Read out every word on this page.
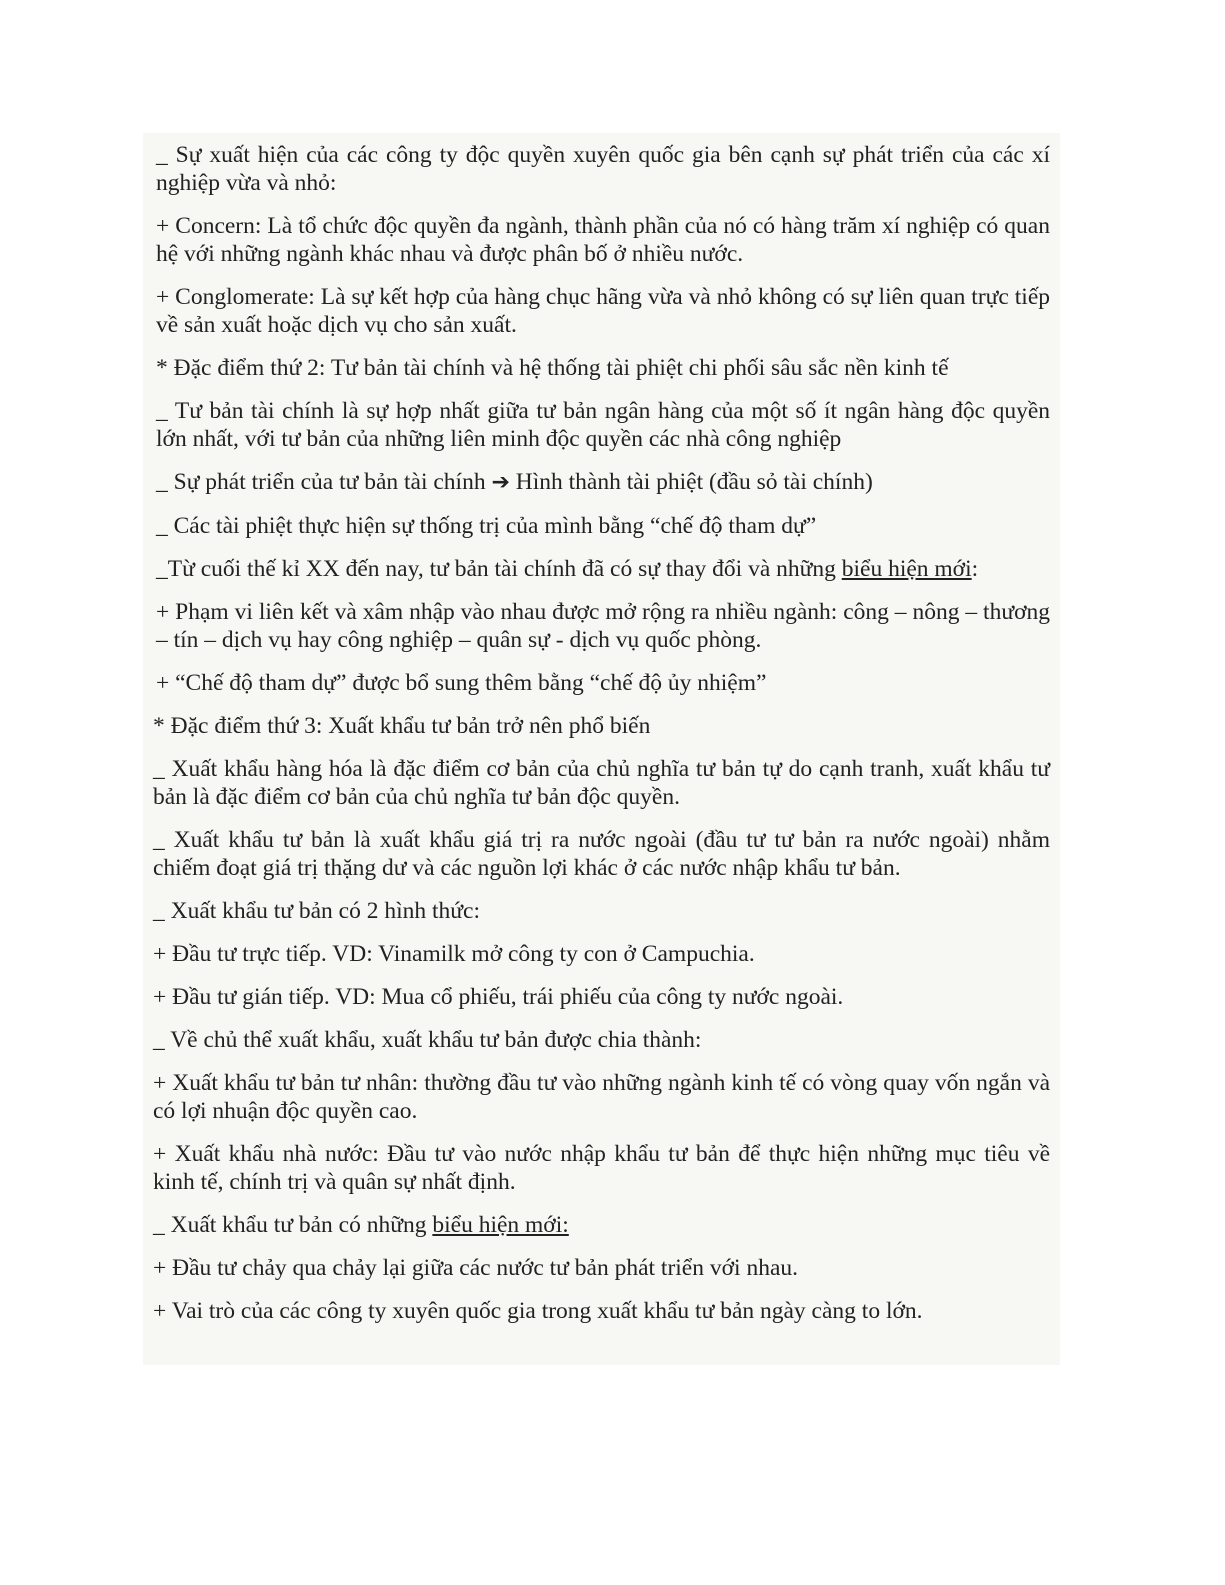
_ Sự xuất hiện của các công ty độc quyền xuyên quốc gia bên cạnh sự phát triển của các xí nghiệp vừa và nhỏ:

+ Concern: Là tổ chức độc quyền đa ngành, thành phần của nó có hàng trăm xí nghiệp có quan hệ với những ngành khác nhau và được phân bố ở nhiều nước.

+ Conglomerate: Là sự kết hợp của hàng chục hãng vừa và nhỏ không có sự liên quan trực tiếp về sản xuất hoặc dịch vụ cho sản xuất.

* Đặc điểm thứ 2: Tư bản tài chính và hệ thống tài phiệt chi phối sâu sắc nền kinh tế

_ Tư bản tài chính là sự hợp nhất giữa tư bản ngân hàng của một số ít ngân hàng độc quyền lớn nhất, với tư bản của những liên minh độc quyền các nhà công nghiệp

_ Sự phát triển của tư bản tài chính ➔ Hình thành tài phiệt (đầu sỏ tài chính)

_ Các tài phiệt thực hiện sự thống trị của mình bằng “chế độ tham dự”

_Từ cuối thế kỉ XX đến nay, tư bản tài chính đã có sự thay đổi và những biểu hiện mới:

+ Phạm vi liên kết và xâm nhập vào nhau được mở rộng ra nhiều ngành: công – nông – thương – tín – dịch vụ hay công nghiệp – quân sự - dịch vụ quốc phòng.

+ “Chế độ tham dự” được bổ sung thêm bằng “chế độ ủy nhiệm”

* Đặc điểm thứ 3: Xuất khẩu tư bản trở nên phổ biến

_ Xuất khẩu hàng hóa là đặc điểm cơ bản của chủ nghĩa tư bản tự do cạnh tranh, xuất khẩu tư bản là đặc điểm cơ bản của chủ nghĩa tư bản độc quyền.

_ Xuất khẩu tư bản là xuất khẩu giá trị ra nước ngoài (đầu tư tư bản ra nước ngoài) nhằm chiếm đoạt giá trị thặng dư và các nguồn lợi khác ở các nước nhập khẩu tư bản.

_ Xuất khẩu tư bản có 2 hình thức:

+ Đầu tư trực tiếp. VD: Vinamilk mở công ty con ở Campuchia.

+ Đầu tư gián tiếp. VD: Mua cổ phiếu, trái phiếu của công ty nước ngoài.

_ Về chủ thể xuất khẩu, xuất khẩu tư bản được chia thành:

+ Xuất khẩu tư bản tư nhân: thường đầu tư vào những ngành kinh tế có vòng quay vốn ngắn và có lợi nhuận độc quyền cao.

+ Xuất khẩu nhà nước: Đầu tư vào nước nhập khẩu tư bản để thực hiện những mục tiêu về kinh tế, chính trị và quân sự nhất định.

_ Xuất khẩu tư bản có những biểu hiện mới:

+ Đầu tư chảy qua chảy lại giữa các nước tư bản phát triển với nhau.

+ Vai trò của các công ty xuyên quốc gia trong xuất khẩu tư bản ngày càng to lớn.
